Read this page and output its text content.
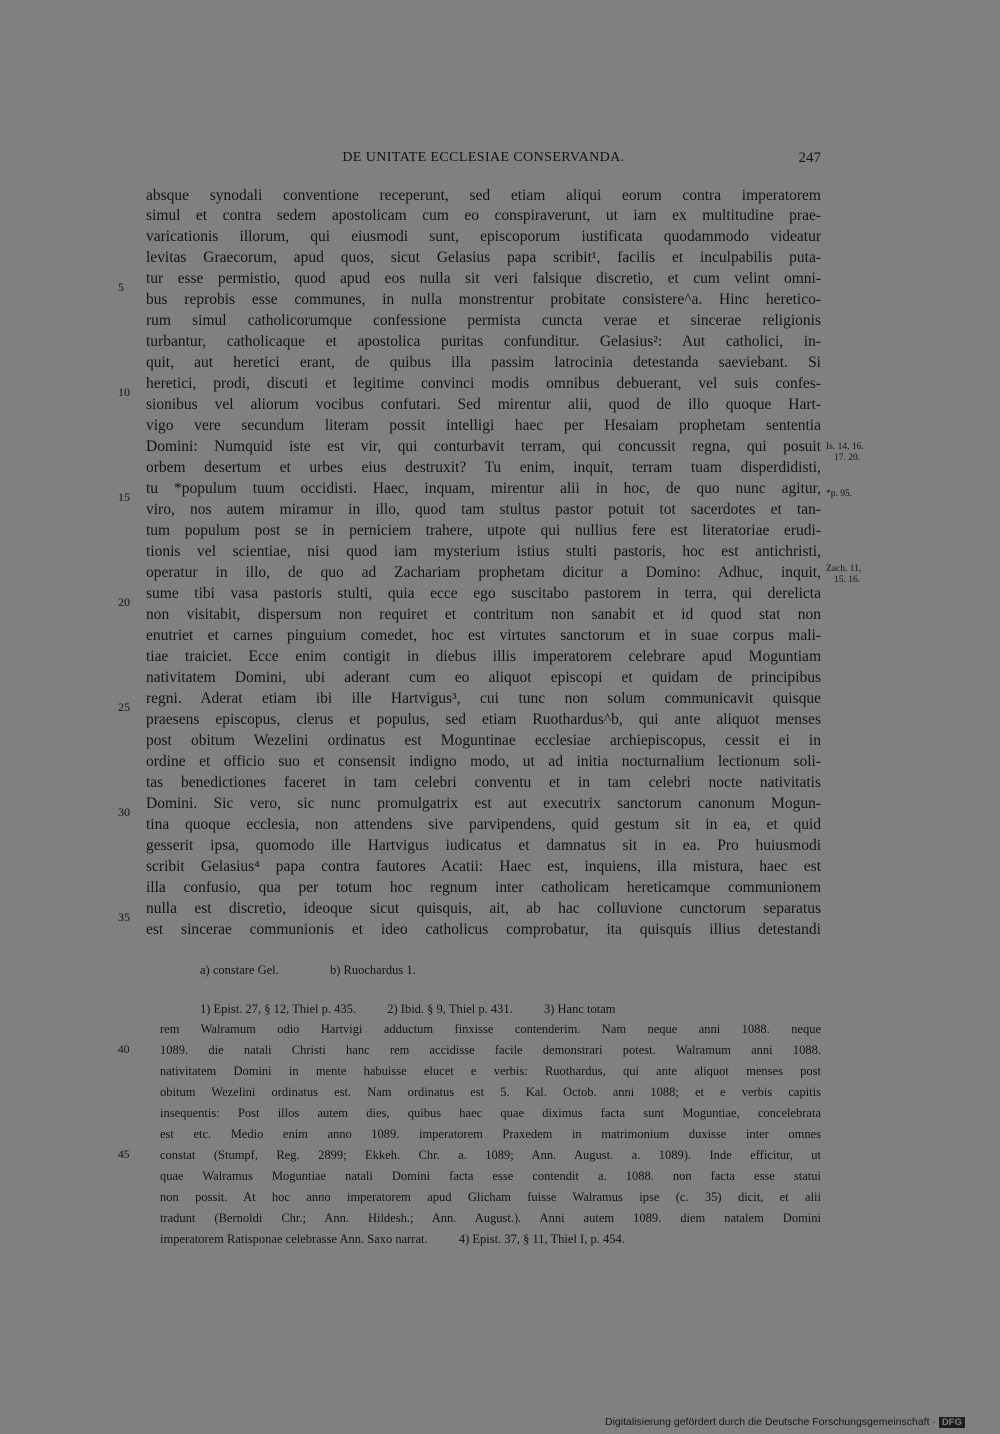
DE UNITATE ECCLESIAE CONSERVANDA.	247
absque synodali conventione receperunt, sed etiam aliqui eorum contra imperatorem
simul et contra sedem apostolicam cum eo conspiraverunt, ut iam ex multitudine prae-
varicationis illorum, qui eiusmodi sunt, episcoporum iustificata quodammodo videatur
levitas Graecorum, apud quos, sicut Gelasius papa scribit¹, facilis et inculpabilis puta-
tur esse permistio, quod apud eos nulla sit veri falsique discretio, et cum velint omni-
bus reprobis esse communes, in nulla monstrentur probitate consistere^a. Hinc heretico-
rum simul catholicorumque confessione permista cuncta verae et sincerae religionis
turbantur, catholicaque et apostolica puritas confunditur. Gelasius²: Aut catholici, in-
quit, aut heretici erant, de quibus illa passim latrocinia detestanda saeviebant. Si
heretici, prodi, discuti et legitime convinci modis omnibus debuerant, vel suis confes-
sionibus vel aliorum vocibus confutari. Sed mirentur alii, quod de illo quoque Hart-
vigo vere secundum literam possit intelligi haec per Hesaiam prophetam sententia
Domini: Numquid iste est vir, qui conturbavit terram, qui concussit regna, qui posuit
orbem desertum et urbes eius destruxit? Tu enim, inquit, terram tuam disperdidisti,
tu *populum tuum occidisti. Haec, inquam, mirentur alii in hoc, de quo nunc agitur,
viro, nos autem miramur in illo, quod tam stultus pastor potuit tot sacerdotes et tan-
tum populum post se in perniciem trahere, utpote qui nullius fere est literatoriae erudi-
tionis vel scientiae, nisi quod iam mysterium istius stulti pastoris, hoc est antichristi,
operatur in illo, de quo ad Zachariam prophetam dicitur a Domino: Adhuc, inquit,
sume tibi vasa pastoris stulti, quia ecce ego suscitabo pastorem in terra, qui derelicta
non visitabit, dispersum non requiret et contritum non sanabit et id quod stat non
enutriet et carnes pinguium comedet, hoc est virtutes sanctorum et in suae corpus mali-
tiae traiciet. Ecce enim contigit in diebus illis imperatorem celebrare apud Moguntiam
nativitatem Domini, ubi aderant cum eo aliquot episcopi et quidam de principibus
regni. Aderat etiam ibi ille Hartvigus³, cui tunc non solum communicavit quisque
praesens episcopus, clerus et populus, sed etiam Ruothardus^b, qui ante aliquot menses
post obitum Wezelini ordinatus est Moguntinae ecclesiae archiepiscopus, cessit ei in
ordine et officio suo et consensit indigno modo, ut ad initia nocturnalium lectionum soli-
tas benedictiones faceret in tam celebri conventu et in tam celebri nocte nativitatis
Domini. Sic vero, sic nunc promulgatrix est aut executrix sanctorum canonum Mogun-
tina quoque ecclesia, non attendens sive parvipendens, quid gestum sit in ea, et quid
gesserit ipsa, quomodo ille Hartvigus iudicatus et damnatus sit in ea. Pro huiusmodi
scribit Gelasius⁴ papa contra fautores Acatii: Haec est, inquiens, illa mistura, haec est
illa confusio, qua per totum hoc regnum inter catholicam hereticamque communionem
nulla est discretio, ideoque sicut quisquis, ait, ab hac colluvione cunctorum separatus
est sincerae communionis et ideo catholicus comprobatur, ita quisquis illius detestandi
5
10
15
20
25
30
35
Is. 14, 16.
17. 20.
*p. 95.
Zach. 11,
15. 16.
a) constare Gel.	b) Ruochardus 1.
1) Epist. 27, § 12, Thiel p. 435.          2) Ibid. § 9, Thiel p. 431.          3) Hanc totam
rem Walramum odio Hartvigi adductum finxisse contenderim. Nam neque anni 1088. neque
1089. die natali Christi hanc rem accidisse facile demonstrari potest. Walramum anni 1088.
nativitatem Domini in mente habuisse elucet e verbis: Ruothardus, qui ante aliquot menses post
obitum Wezelini ordinatus est. Nam ordinatus est 5. Kal. Octob. anni 1088; et e verbis capitis
insequentis: Post illos autem dies, quibus haec quae diximus facta sunt Moguntiae, concelebrata
est etc. Medio enim anno 1089. imperatorem Praxedem in matrimonium duxisse inter omnes
constat (Stumpf, Reg. 2899; Ekkeh. Chr. a. 1089; Ann. August. a. 1089). Inde efficitur, ut
quae Walramus Moguntiae natali Domini facta esse contendit a. 1088. non facta esse statui
non possit. At hoc anno imperatorem apud Glicham fuisse Walramus ipse (c. 35) dicit, et alii
tradunt (Bernoldi Chr.; Ann. Hildesh.; Ann. August.). Anni autem 1089. diem natalem Domini
imperatorem Ratisponae celebrasse Ann. Saxo narrat.          4) Epist. 37, § 11, Thiel I, p. 454.
40
45
Digitalisierung gefördert durch die Deutsche Forschungsgemeinschaft · DFG
